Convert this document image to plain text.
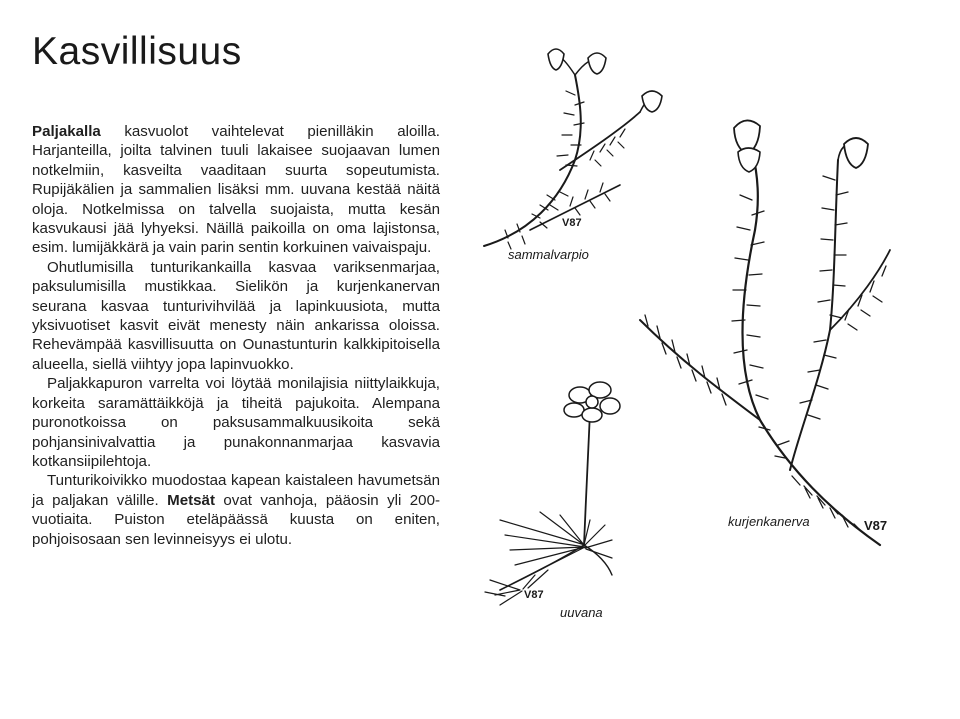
Kasvillisuus

Paljakalla kasvuolot vaihtelevat pienilläkin aloilla. Harjanteilla, joilta talvinen tuuli lakaisee suojaavan lumen notkelmiin, kasveilta vaaditaan suurta sopeutumista. Rupijäkälien ja sammalien lisäksi mm. uuvana kestää näitä oloja. Notkelmissa on talvella suojaista, mutta kesän kasvukausi jää lyhyeksi. Näillä paikoilla on oma lajistonsa, esim. lumijäkkärä ja vain parin sentin korkuinen vaivaispaju.

Ohutlumisilla tunturikankailla kasvaa variksenmarjaa, paksulumisilla mustikkaa. Sielikön ja kurjenkanervan seurana kasvaa tunturivihvilää ja lapinkuusiota, mutta yksivuotiset kasvit eivät menesty näin ankarissa oloissa. Rehevämpää kasvillisuutta on Ounastunturin kalkkipitoisella alueella, siellä viihtyy jopa lapinvuokko.

Paljakkapuron varrelta voi löytää monilajisia niittylaikkuja, korkeita saramättäikköjä ja tiheitä pajukoita. Alempana puronotkoissa on paksusammalkuusikoita sekä pohjansinivalvattia ja punakonnanmarjaa kasvavia kotkansiipilehtoja.

Tunturikoivikko muodostaa kapean kaistaleen havumetsän ja paljakan välille. Metsät ovat vanhoja, pääosin yli 200-vuotiaita. Puiston eteläpäässä kuusta on eniten, pohjoisosaan sen levinneisyys ei ulotu.

sammalvarpio
V87
kurjenkanerva	V87
uuvana
V87
